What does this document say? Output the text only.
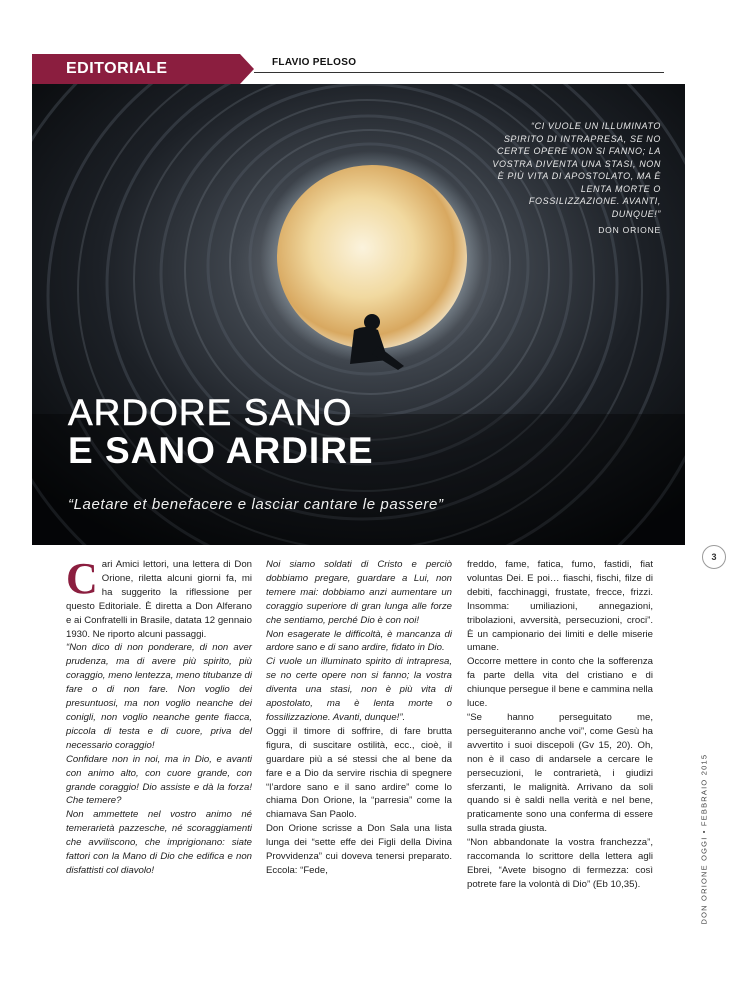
EDITORIALE	FLAVIO PELOSO
“CI VUOLE UN ILLUMINATO SPIRITO DI INTRAPRESA, SE NO CERTE OPERE NON SI FANNO; LA VOSTRA DIVENTA UNA STASI, NON È PIÙ VITA DI APOSTOLATO, MA È LENTA MORTE O FOSSILIZZAZIONE. AVANTI, DUNQUE!”
DON ORIONE
ARDORE SANO
E SANO ARDIRE
“Laetare et benefacere e lasciar cantare le passere”
3
DON ORIONE OGGI • FEBBRAIO 2015

Cari Amici lettori, una lettera di Don Orione, riletta alcuni giorni fa, mi ha suggerito la riflessione per questo Editoriale. È diretta a Don Alferano e ai Confratelli in Brasile, datata 12 gennaio 1930. Ne riporto alcuni passaggi.

“Non dico di non ponderare, di non aver prudenza, ma di avere più spirito, più coraggio, meno lentezza, meno titubanze di fare o di non fare. Non voglio dei presuntuosi, ma non voglio neanche dei conigli, non voglio neanche gente fiacca, piccola di testa e di cuore, priva del necessario coraggio!

Confidare non in noi, ma in Dio, e avanti con animo alto, con cuore grande, con grande coraggio! Dio assiste e dà la forza! Che temere?

Non ammettete nel vostro animo né temerarietà pazzesche, né scoraggiamenti che avviliscono, che imprigionano: siate fattori con la Mano di Dio che edifica e non disfattisti col diavolo!

Noi siamo soldati di Cristo e perciò dobbiamo pregare, guardare a Lui, non temere mai: dobbiamo anzi aumentare un coraggio superiore di gran lunga alle forze che sentiamo, perché Dio è con noi!

Non esagerate le difficoltà, è mancanza di ardore sano e di sano ardire, fidato in Dio.

Ci vuole un illuminato spirito di intrapresa, se no certe opere non si fanno; la vostra diventa una stasi, non è più vita di apostolato, ma è lenta morte o fossilizzazione. Avanti, dunque!”.

Oggi il timore di soffrire, di fare brutta figura, di suscitare ostilità, ecc., cioè, il guardare più a sé stessi che al bene da fare e a Dio da servire rischia di spegnere “l’ardore sano e il sano ardire” come lo chiama Don Orione, la “parresia” come la chiamava San Paolo.

Don Orione scrisse a Don Sala una lista lunga dei “sette effe dei Figli della Divina Provvidenza” cui doveva tenersi preparato. Eccola: “Fede,

freddo, fame, fatica, fumo, fastidi, fiat voluntas Dei. E poi… fiaschi, fischi, filze di debiti, facchinaggi, frustate, frecce, frizzi. Insomma: umiliazioni, annegazioni, tribolazioni, avversità, persecuzioni, croci”. È un campionario dei limiti e delle miserie umane.

Occorre mettere in conto che la sofferenza fa parte della vita del cristiano e di chiunque persegue il bene e cammina nella luce.

“Se hanno perseguitato me, perseguiteranno anche voi”, come Gesù ha avvertito i suoi discepoli (Gv 15, 20). Oh, non è il caso di andarsele a cercare le persecuzioni, le contrarietà, i giudizi sferzanti, le malignità. Arrivano da soli quando si è saldi nella verità e nel bene, praticamente sono una conferma di essere sulla strada giusta.

“Non abbandonate la vostra franchezza”, raccomanda lo scrittore della lettera agli Ebrei, “Avete bisogno di fermezza: così potrete fare la volontà di Dio” (Eb 10,35).
